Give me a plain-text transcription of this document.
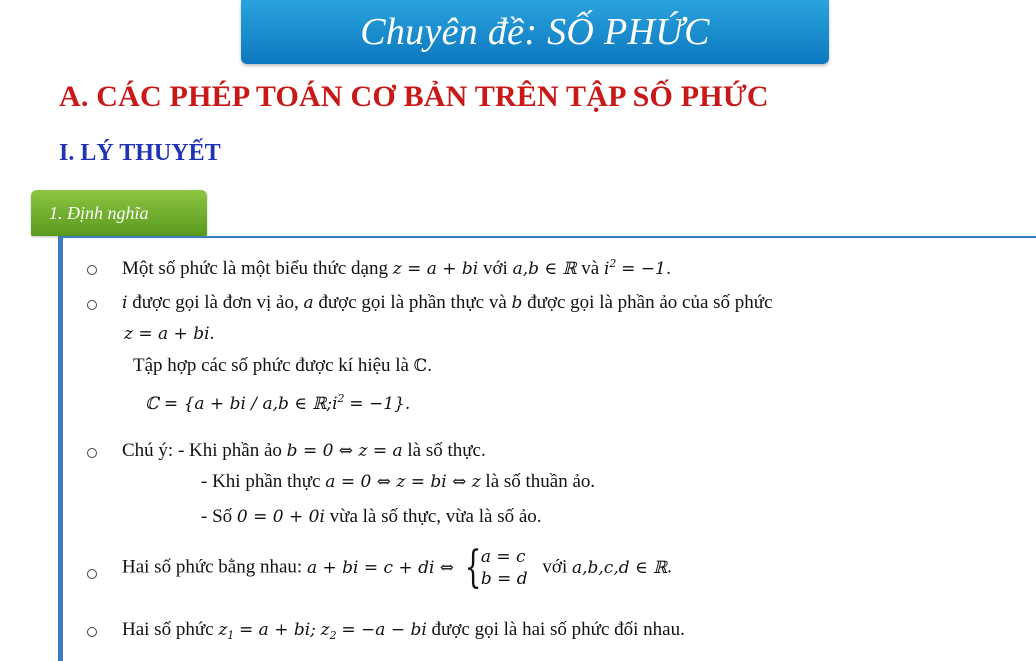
Chuyên đề: SỐ PHỨC
A. CÁC PHÉP TOÁN CƠ BẢN TRÊN TẬP SỐ PHỨC
I. LÝ THUYẾT
1. Định nghĩa
Một số phức là một biểu thức dạng z = a + bi với a,b ∈ ℝ và $i^2 = -1$.
i được gọi là đơn vị ảo, a được gọi là phần thực và b được gọi là phần ảo của số phức
z = a + bi.
Tập hợp các số phức được kí hiệu là ℂ.
ℂ = {a + bi / a,b ∈ $ℝ;i^2 = -1$}.
Chú ý: - Khi phần ảo b = 0 ⇔ z = a là số thực.
- Khi phần thực a = 0 ⇔ z = bi ⇔ z là số thuần ảo.
- Số 0 = 0 + 0i vừa là số thực, vừa là số ảo.
Hai số phức bằng nhau: a + bi = c + di ⇔ {a = c
b = d với a,b,c,d ∈ ℝ.
Hai số phức $z_1 = a$ + bi; $z_2 = -a$ − bi được gọi là hai số phức đối nhau.
